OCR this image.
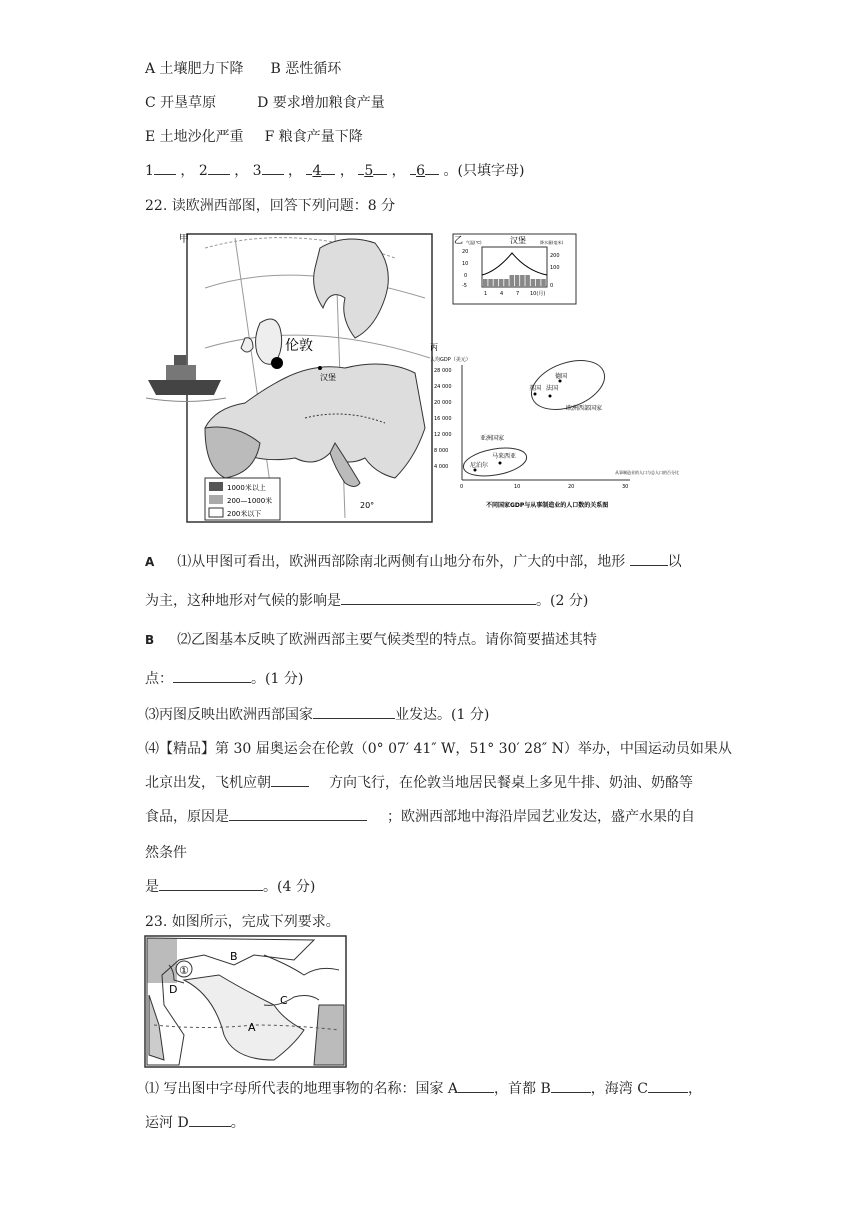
A 土壤肥力下降 B 恶性循环
C 开垦草原	D 要求增加粮食产量
E 土地沙化严重 F 粮食产量下降
1 ， 2 ， 3 ， 4 ， 5 ， 6 。(只填字母)
22. 读欧洲西部图，回答下列问题：8 分
甲
伦敦
汉堡
20°
1000米以上
200—1000米
200米以下
乙	汉堡
气温(℃)	降水量(毫米)
20
10
0
-5
200
100
0
1	4	7 10(月)
丙
人均GDP（美元）
28 000
24 000
20 000
16 000
12 000
8 000
4 000
0	10	20	30
德国
英国 法国
欧洲西部国家
亚洲国家
马来西亚
尼泊尔
从事制造业的人口与总人口的百分比
不同国家GDP与从事制造业的人口数的关系图
A ⑴从甲图可看出，欧洲西部除南北两侧有山地分布外，广大的中部，地形	以
为主，这种地形对气候的影响是	。(2 分)
B ⑵乙图基本反映了欧洲西部主要气候类型的特点。请你简要描述其特
点：	。(1 分)
⑶丙图反映出欧洲西部国家	业发达。(1 分)
⑷【精品】第 30 届奥运会在伦敦（0° 07′ 41″ W，51° 30′ 28″ N）举办，中国运动员如果从
北京出发，飞机应朝	方向飞行，在伦敦当地居民餐桌上多见牛排、奶油、奶酪等
食品，原因是	；欧洲西部地中海沿岸园艺业发达，盛产水果的自
然条件
是	。(4 分)
23. 如图所示，完成下列要求。
①
D
B
C
A
⑴ 写出图中字母所代表的地理事物的名称：国家 A	，首都 B	，海湾 C	，
运河 D	。
